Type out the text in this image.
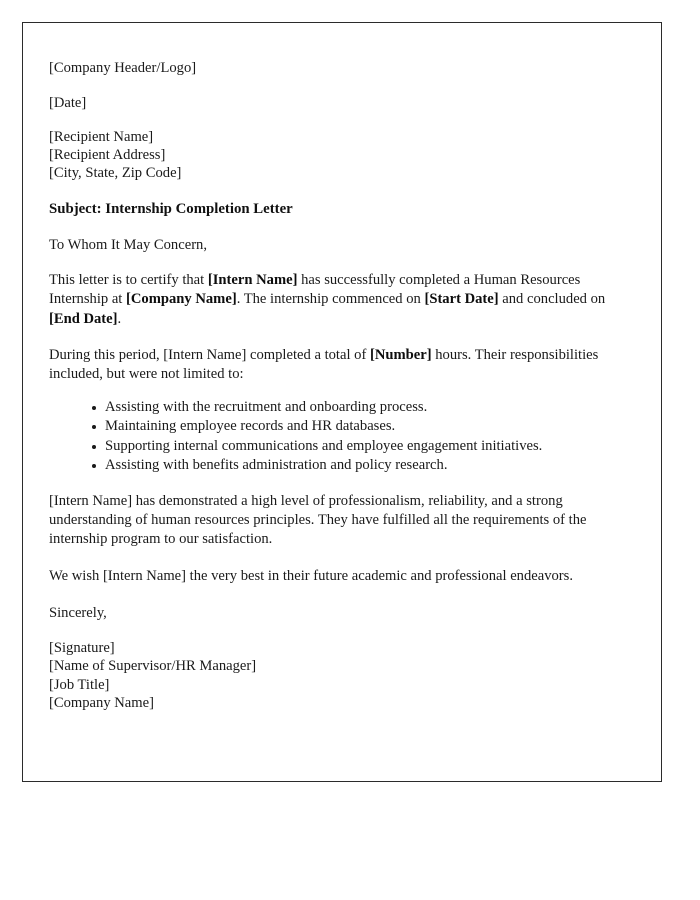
[Company Header/Logo]
[Date]
[Recipient Name]
[Recipient Address]
[City, State, Zip Code]
Subject: Internship Completion Letter
To Whom It May Concern,

This letter is to certify that [Intern Name] has successfully completed a Human Resources Internship at [Company Name]. The internship commenced on [Start Date] and concluded on [End Date].

During this period, [Intern Name] completed a total of [Number] hours. Their responsibilities included, but were not limited to:

Assisting with the recruitment and onboarding process.
Maintaining employee records and HR databases.
Supporting internal communications and employee engagement initiatives.
Assisting with benefits administration and policy research.

[Intern Name] has demonstrated a high level of professionalism, reliability, and a strong understanding of human resources principles. They have fulfilled all the requirements of the internship program to our satisfaction.

We wish [Intern Name] the very best in their future academic and professional endeavors.

Sincerely,
[Signature]
[Name of Supervisor/HR Manager]
[Job Title]
[Company Name]
